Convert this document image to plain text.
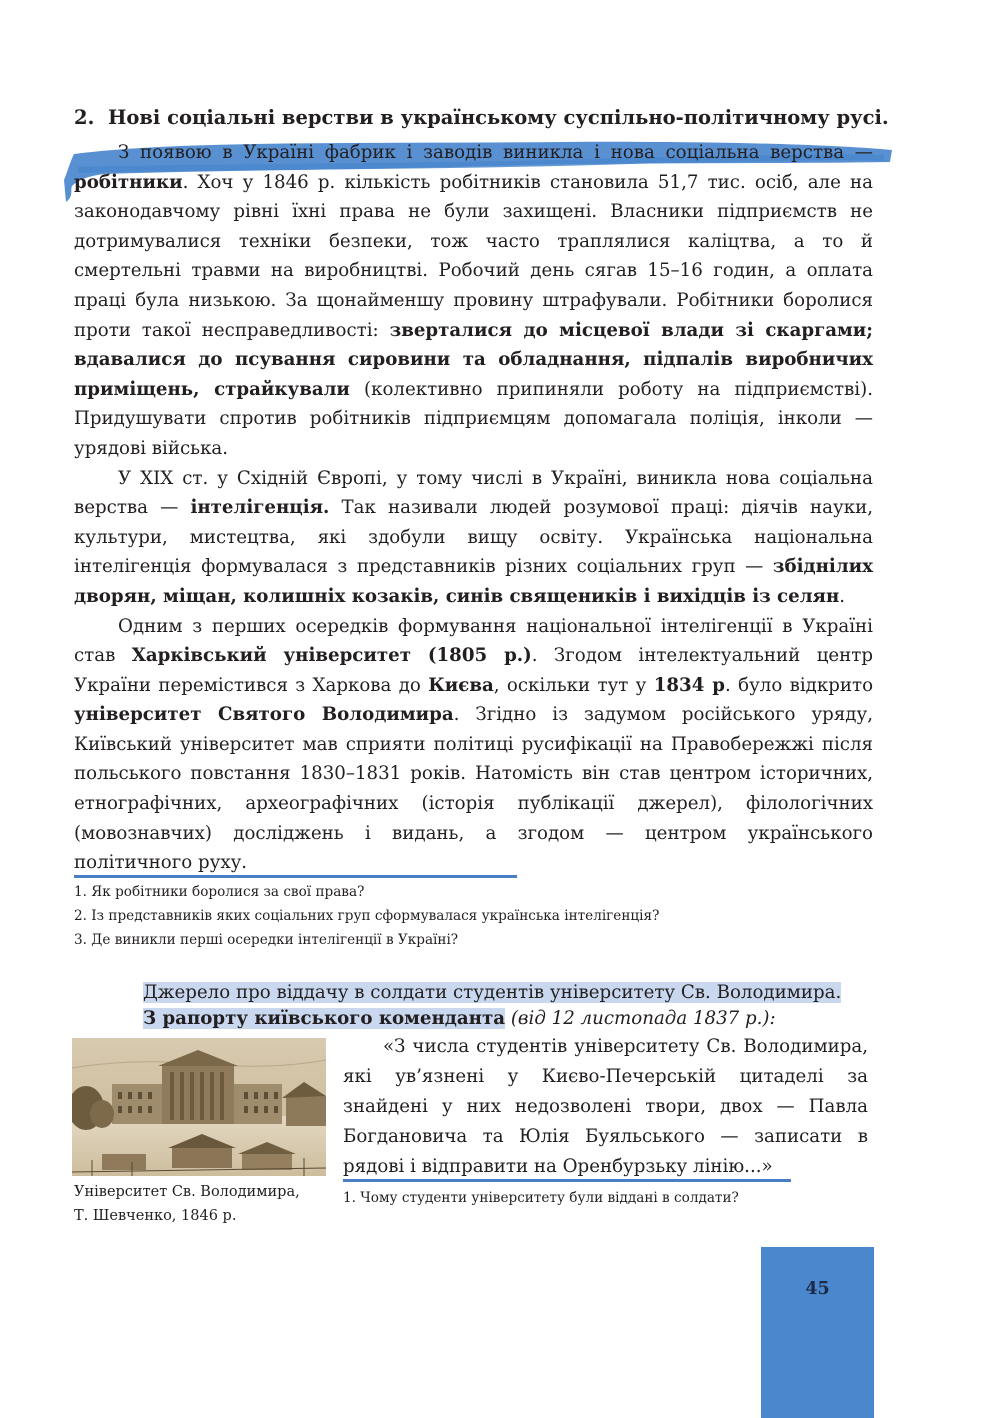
2. Нові соціальні верстви в українському суспільно-політичному русі.

З появою в Україні фабрик і заводів виникла і нова соціальна верства — робітники. Хоч у 1846 р. кількість робітників становила 51,7 тис. осіб, але на законодавчому рівні їхні права не були захищені. Власники підприємств не дотримувалися техніки безпеки, тож часто траплялися каліцтва, а то й смертельні травми на виробництві. Робочий день сягав 15–16 годин, а оплата праці була низькою. За щонайменшу провину штрафували. Робітники боролися проти такої несправедливості: зверталися до місцевої влади зі скаргами; вдавалися до псування сировини та обладнання, підпалів виробничих приміщень, страйкували (колективно припиняли роботу на підприємстві). Придушувати спротив робітників підприємцям допомагала поліція, інколи — урядові війська.

У XIX ст. у Східній Європі, у тому числі в Україні, виникла нова соціальна верства — інтелігенція. Так називали людей розумової праці: діячів науки, культури, мистецтва, які здобули вищу освіту. Українська національна інтелігенція формувалася з представників різних соціальних груп — збіднілих дворян, міщан, колишніх козаків, синів священиків і вихідців із селян.

Одним з перших осередків формування національної інтелігенції в Україні став Харківський університет (1805 р.). Згодом інтелектуальний центр України перемістився з Харкова до Києва, оскільки тут у 1834 р. було відкрито університет Святого Володимира. Згідно із задумом російського уряду, Київський університет мав сприяти політиці русифікації на Правобережжі після польського повстання 1830–1831 років. Натомість він став центром історичних, етнографічних, археографічних (історія публікації джерел), філологічних (мовознавчих) досліджень і видань, а згодом — центром українського політичного руху.

1. Як робітники боролися за свої права?
2. Із представників яких соціальних груп сформувалася українська інтелігенція?
3. Де виникли перші осередки інтелігенції в Україні?
Джерело про віддачу в солдати студентів університету Св. Володимира.
З рапорту київського коменданта (від 12 листопада 1837 р.):
Університет Св. Володимира,
Т. Шевченко, 1846 р.

«З числа студентів університету Св. Володимира, які ув’язнені у Києво-Печерській цитаделі за знайдені у них недозволені твори, двох — Павла Богдановича та Юлія Буяльського — записати в рядові і відправити на Оренбурзьку лінію...»

1. Чому студенти університету були віддані в солдати?
45
